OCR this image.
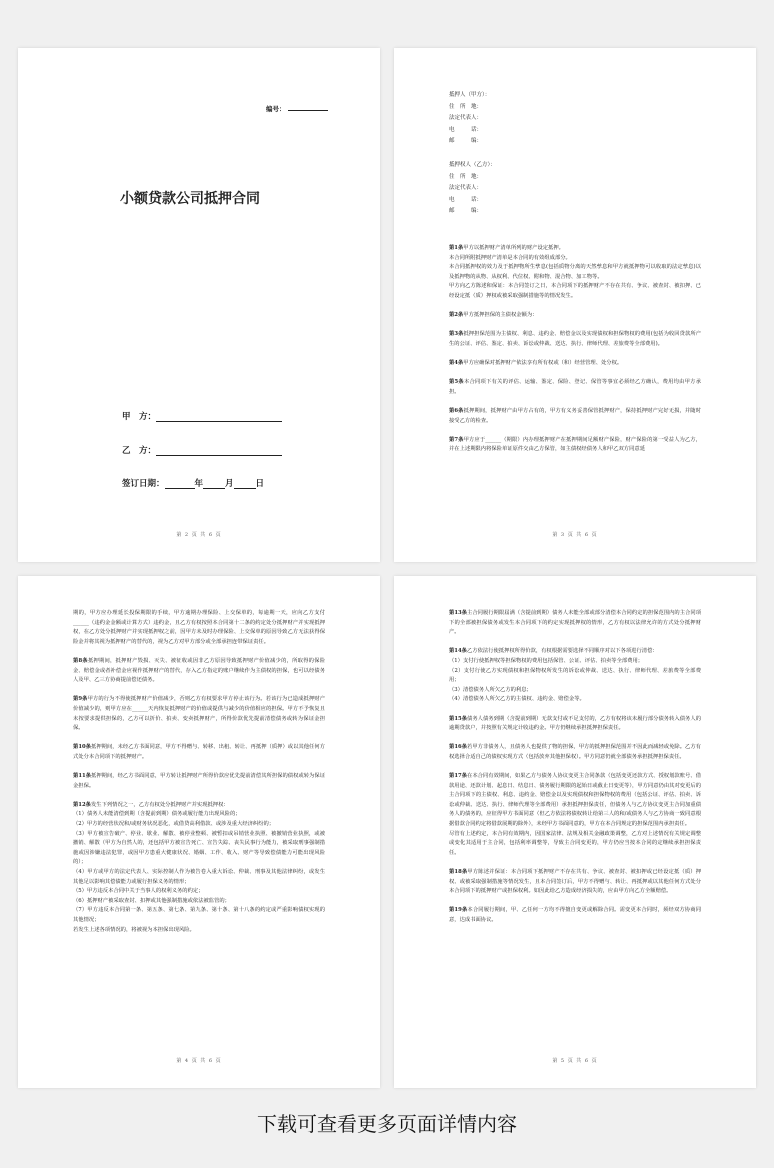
编号：
小额贷款公司抵押合同
甲　方：
乙　方：
签订日期：	年	月	日
第 2 页 共 6 页
抵押人（甲方）：
住　所　地：
法定代表人：
电　　　话：
邮　　　编：
抵押权人（乙方）：
住　所　地：
法定代表人：
电　　　话：
邮　　　编：

第1条甲方以抵押财产清单所列的财产设定抵押。

本合同所附抵押财产清单是本合同的有效组成部分。

本合同抵押权的效力及于抵押物所生孳息(包括质物分离的天然孳息和甲方就抵押物可以收取的法定孳息)以及抵押物的从物、从权利、代位权、附和物、混合物、加工物等。

甲方向乙方陈述和保证：本合同签订之日，本合同项下的抵押财产不存在共有、争议、被查封、被扣押、已经设定抵（质）押权或被采取强制措施等的情况发生。

第2条甲方抵押担保的主债权金额为：

第3条抵押担保范围为主债权、利息、违约金、赔偿金以及实现债权和担保物权的费用(包括为收回贷款所产生的公证、评估、鉴定、拍卖、诉讼或仲裁、送达、执行、律师代理、差旅费等全部费用)。

第4条甲方应确保对抵押财产依法享有所有权或（和）经营管理、处分权。

第5条本合同项下有关的评估、运输、鉴定、保险、登记、保管等事宜必须经乙方确认，费用均由甲方承担。

第6条抵押期间，抵押财产由甲方占有的，甲方有义务妥善保管抵押财产，保持抵押财产完好无损，并随时接受乙方的检查。

第7条甲方应于______（期限）内办理抵押财产在抵押期间足额财产保险，财产保险的第一受益人为乙方，并在上述期限内将保险单证原件交由乙方保管，如主债权经债务人和甲乙双方同意延

第 3 页 共 6 页

期的，甲方应办理延长投保期限的手续，甲方逾期办理保险、上交保单的，每逾期一天，应向乙方支付______（违约金金额或计算方式）违约金，且乙方有权按照本合同第十二条的约定处分抵押财产并实现抵押权，在乙方处分抵押财产并实现抵押权之前，因甲方未及时办理保险、上交保单的原因导致乙方无法获得保险金并将其视为抵押财产的替代的，视为乙方对甲方部分或全部承担连带保证责任。

第8条抵押期间，抵押财产毁损、灭失、被征收或因非乙方原因导致抵押财产价值减少的，所取得的保险金、赔偿金或者补偿金应视作抵押财产的替代，存入乙方指定的账户继续作为主债权的担保，也可以经债务人及甲、乙三方协商提前偿还债务。

第9条甲方的行为不得使抵押财产价值减少，否则乙方有权要求甲方停止该行为。若该行为已造成抵押财产价值减少的，则甲方应在______天内恢复抵押财产的价值或提供与减少的价值相应的担保。甲方不予恢复且未按要求提供担保的，乙方可以折价、拍卖、变卖抵押财产，所得价款优先提前清偿债务或转为保证金担保。

第10条抵押期间，未经乙方书面同意，甲方不得赠与、转移、出租、转让、再抵押（质押）或以其他任何方式处分本合同项下的抵押财产。

第11条抵押期间，经乙方书面同意，甲方转让抵押财产所得价款应优先提前清偿其所担保的债权或转为保证金担保。

第12条发生下列情况之一，乙方有权处分抵押财产并实现抵押权：

（1）债务人未能清偿到期（含提前到期）债务或履行能力出现风险的；

（2）甲方的经营状况和/或财务状况恶化，或借贷高利借款、或涉及重大经济纠纷的；

（3）甲方被宣告破产、停业、歇业、解散、被停业整顿、被暂扣或吊销营业执照、被撤销营业执照，或被撤销、解散（甲方为自然人的，还包括甲方被宣告死亡、宣告失踪、丧失民事行为能力，被采取刑事强制措施或因涉嫌违法犯罪，或因甲方患重大健康状况、婚姻、工作、收入、财产等导致偿债能力可能出现风险的）；

（4）甲方或甲方的法定代表人、实际控制人作为被告卷入重大诉讼、仲裁、刑事及其他法律纠纷，或发生其他足以影响其偿债能力或履行担保义务的情形；

（5）甲方违反本合同中关于当事人的权利义务的约定；

（6）抵押财产被采取查封、扣押或其他强制措施或依法被监管的；

（7）甲方违反本合同第一条、第五条、第七条、第九条、第十条、第十八条的约定或严重影响债权实现的其他情况；

若发生上述各项情况的，将被视为本担保出现风险。

第 4 页 共 6 页

第13条主合同履行期限届满（含提前到期）债务人未能全部或部分清偿本合同约定的担保范围内的主合同项下的全部被担保债务或发生本合同项下的约定实现抵押权的情形，乙方有权以法律允许的方式处分抵押财产。

第14条乙方依法行使抵押权所得价款，有权根据需要选择不同顺序对以下各项进行清偿：

（1）支付行使抵押权等担保物权的费用包括保管、公证、评估、拍卖等全部费用；

（2）支付行使乙方实现债权和担保物权所发生的诉讼或仲裁、送达、执行、律师代理、差旅费等全部费用；

（3）清偿债务人所欠乙方的利息；

（4）清偿债务人所欠乙方的主债权、违约金、赔偿金等。

第15条债务人债务到期（含提前到期）无款支付或不足支付的，乙方有权将该未履行部分债务转入债务人的逾期贷款户，并按照有关规定计收违约金。甲方仍继续承担抵押担保责任。

第16条若甲方非债务人，且债务人也提供了物的担保，甲方的抵押担保范围并不因此而减轻或免除。乙方有权选择合适自己的债权实现方式（包括放弃其他担保权）。甲方同意仍就全部债务承担抵押担保责任。

第17条在本合同有效期间，如果乙方与债务人协议变更主合同条款（包括变更还款方式、授权划款账号、借款用途、还款计划、起息日、结息日、债务履行期限的起始日或截止日变更等），甲方同意仍由其对变更后的主合同项下的主债权、利息、违约金、赔偿金以及实现债权和担保物权的费用（包括公证、评估、拍卖、诉讼或仲裁、送达、执行、律师代理等全部费用）承担抵押担保责任，但债务人与乙方协议变更主合同加重债务人的债务的，应征得甲方书面同意（但乙方依法将债权转让给第三人的和/或债务人与乙方协商一致同意根据借款合同约定将借款展期的除外），未经甲方书面同意的，甲方在本合同规定的担保范围内承担责任。

尽管有上述约定，本合同有效期内，因国家法律、法规及相关金融政策调整，乙方对上述情况有关规定调整或变化其适用于主合同，包括利率调整等，导致主合同变更的，甲方仍应当按本合同的定继续承担担保责任。

第18条甲方陈述并保证：本合同项下抵押财产不存在共有、争议、被查封、被扣押或已经设定抵（质）押权、或被采取强制措施等情况发生，且本合同签订后，甲方不得赠与、转让、再抵押或以其他任何方式处分本合同项下的抵押财产或担保权利。如因此给乙方造成经济损失的，应由甲方向乙方全额赔偿。

第19条本合同履行期间，甲、乙任何一方均不得擅自变更或解除合同。需变更本合同时，须经双方协商同意，达成书面协议。

第 5 页 共 6 页
下载可查看更多页面详情内容
